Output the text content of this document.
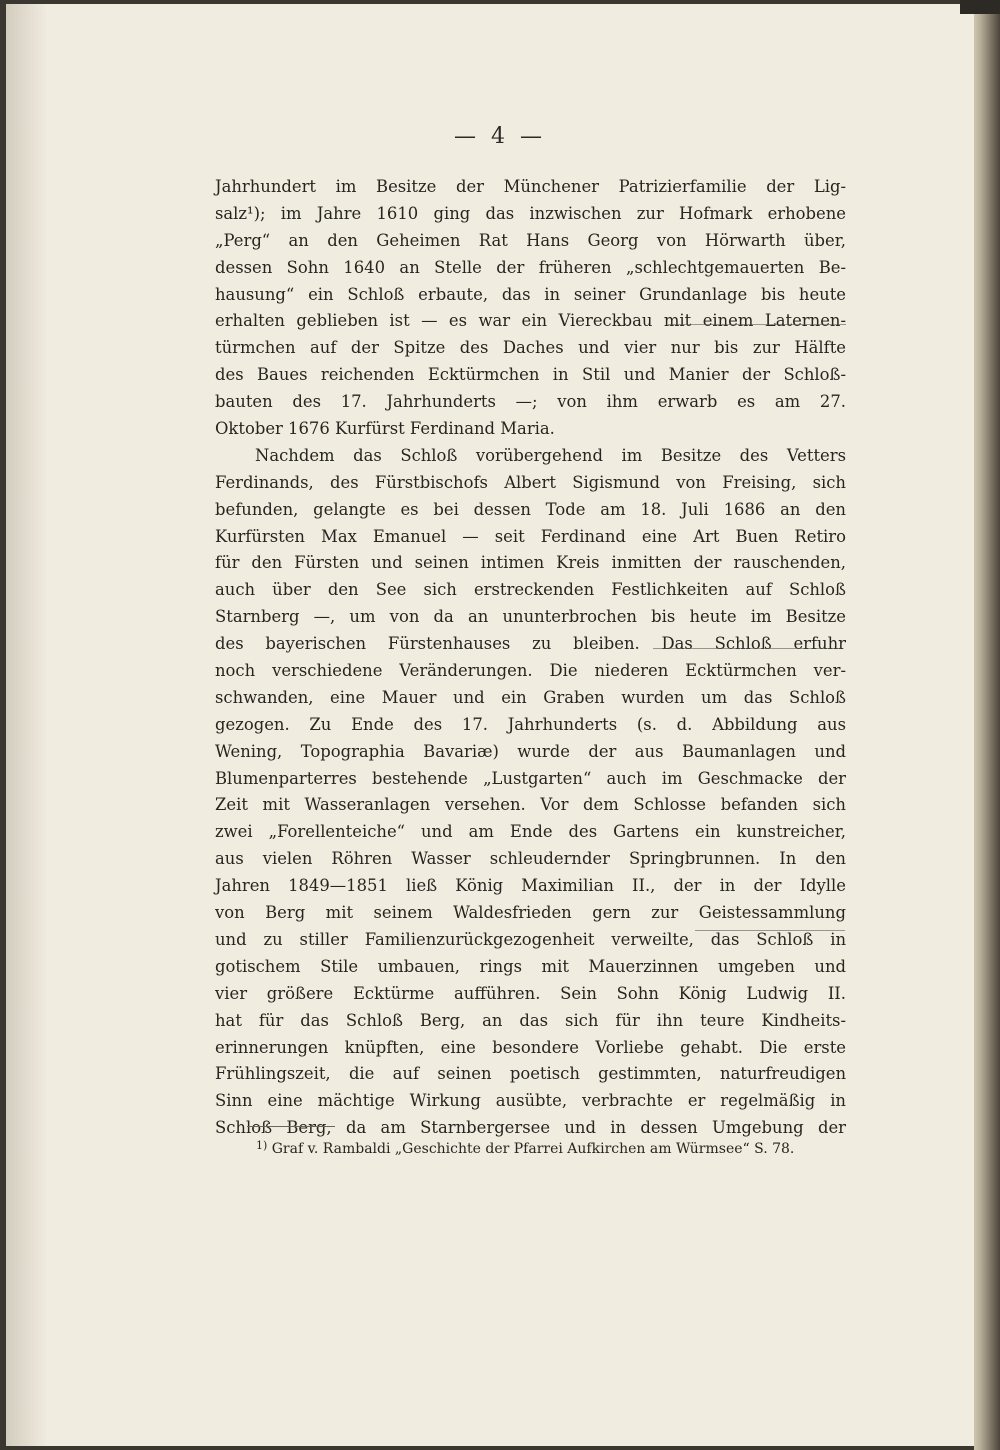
— 4 —
Jahrhundert im Besitze der Münchener Patrizierfamilie der Lig-
salz¹); im Jahre 1610 ging das inzwischen zur Hofmark erhobene
„Perg“ an den Geheimen Rat Hans Georg von Hörwarth über,
dessen Sohn 1640 an Stelle der früheren „schlechtgemauerten Be-
hausung“ ein Schloß erbaute, das in seiner Grundanlage bis heute
erhalten geblieben ist — es war ein Viereckbau mit einem Laternen-
türmchen auf der Spitze des Daches und vier nur bis zur Hälfte
des Baues reichenden Ecktürmchen in Stil und Manier der Schloß-
bauten des 17. Jahrhunderts —; von ihm erwarb es am 27.
Oktober 1676 Kurfürst Ferdinand Maria.
Nachdem das Schloß vorübergehend im Besitze des Vetters
Ferdinands, des Fürstbischofs Albert Sigismund von Freising, sich
befunden, gelangte es bei dessen Tode am 18. Juli 1686 an den
Kurfürsten Max Emanuel — seit Ferdinand eine Art Buen Retiro
für den Fürsten und seinen intimen Kreis inmitten der rauschenden,
auch über den See sich erstreckenden Festlichkeiten auf Schloß
Starnberg —, um von da an ununterbrochen bis heute im Besitze
des bayerischen Fürstenhauses zu bleiben. Das Schloß erfuhr
noch verschiedene Veränderungen. Die niederen Ecktürmchen ver-
schwanden, eine Mauer und ein Graben wurden um das Schloß
gezogen. Zu Ende des 17. Jahrhunderts (s. d. Abbildung aus
Wening, Topographia Bavariæ) wurde der aus Baumanlagen und
Blumenparterres bestehende „Lustgarten“ auch im Geschmacke der
Zeit mit Wasseranlagen versehen. Vor dem Schlosse befanden sich
zwei „Forellenteiche“ und am Ende des Gartens ein kunstreicher,
aus vielen Röhren Wasser schleudernder Springbrunnen. In den
Jahren 1849—1851 ließ König Maximilian II., der in der Idylle
von Berg mit seinem Waldesfrieden gern zur Geistessammlung
und zu stiller Familienzurückgezogenheit verweilte, das Schloß in
gotischem Stile umbauen, rings mit Mauerzinnen umgeben und
vier größere Ecktürme aufführen. Sein Sohn König Ludwig II.
hat für das Schloß Berg, an das sich für ihn teure Kindheits-
erinnerungen knüpften, eine besondere Vorliebe gehabt. Die erste
Frühlingszeit, die auf seinen poetisch gestimmten, naturfreudigen
Sinn eine mächtige Wirkung ausübte, verbrachte er regelmäßig in
Schloß Berg, da am Starnbergersee und in dessen Umgebung der
$^{1)}$ Graf v. Rambaldi „Geschichte der Pfarrei Aufkirchen am Würmsee“ S. 78.
